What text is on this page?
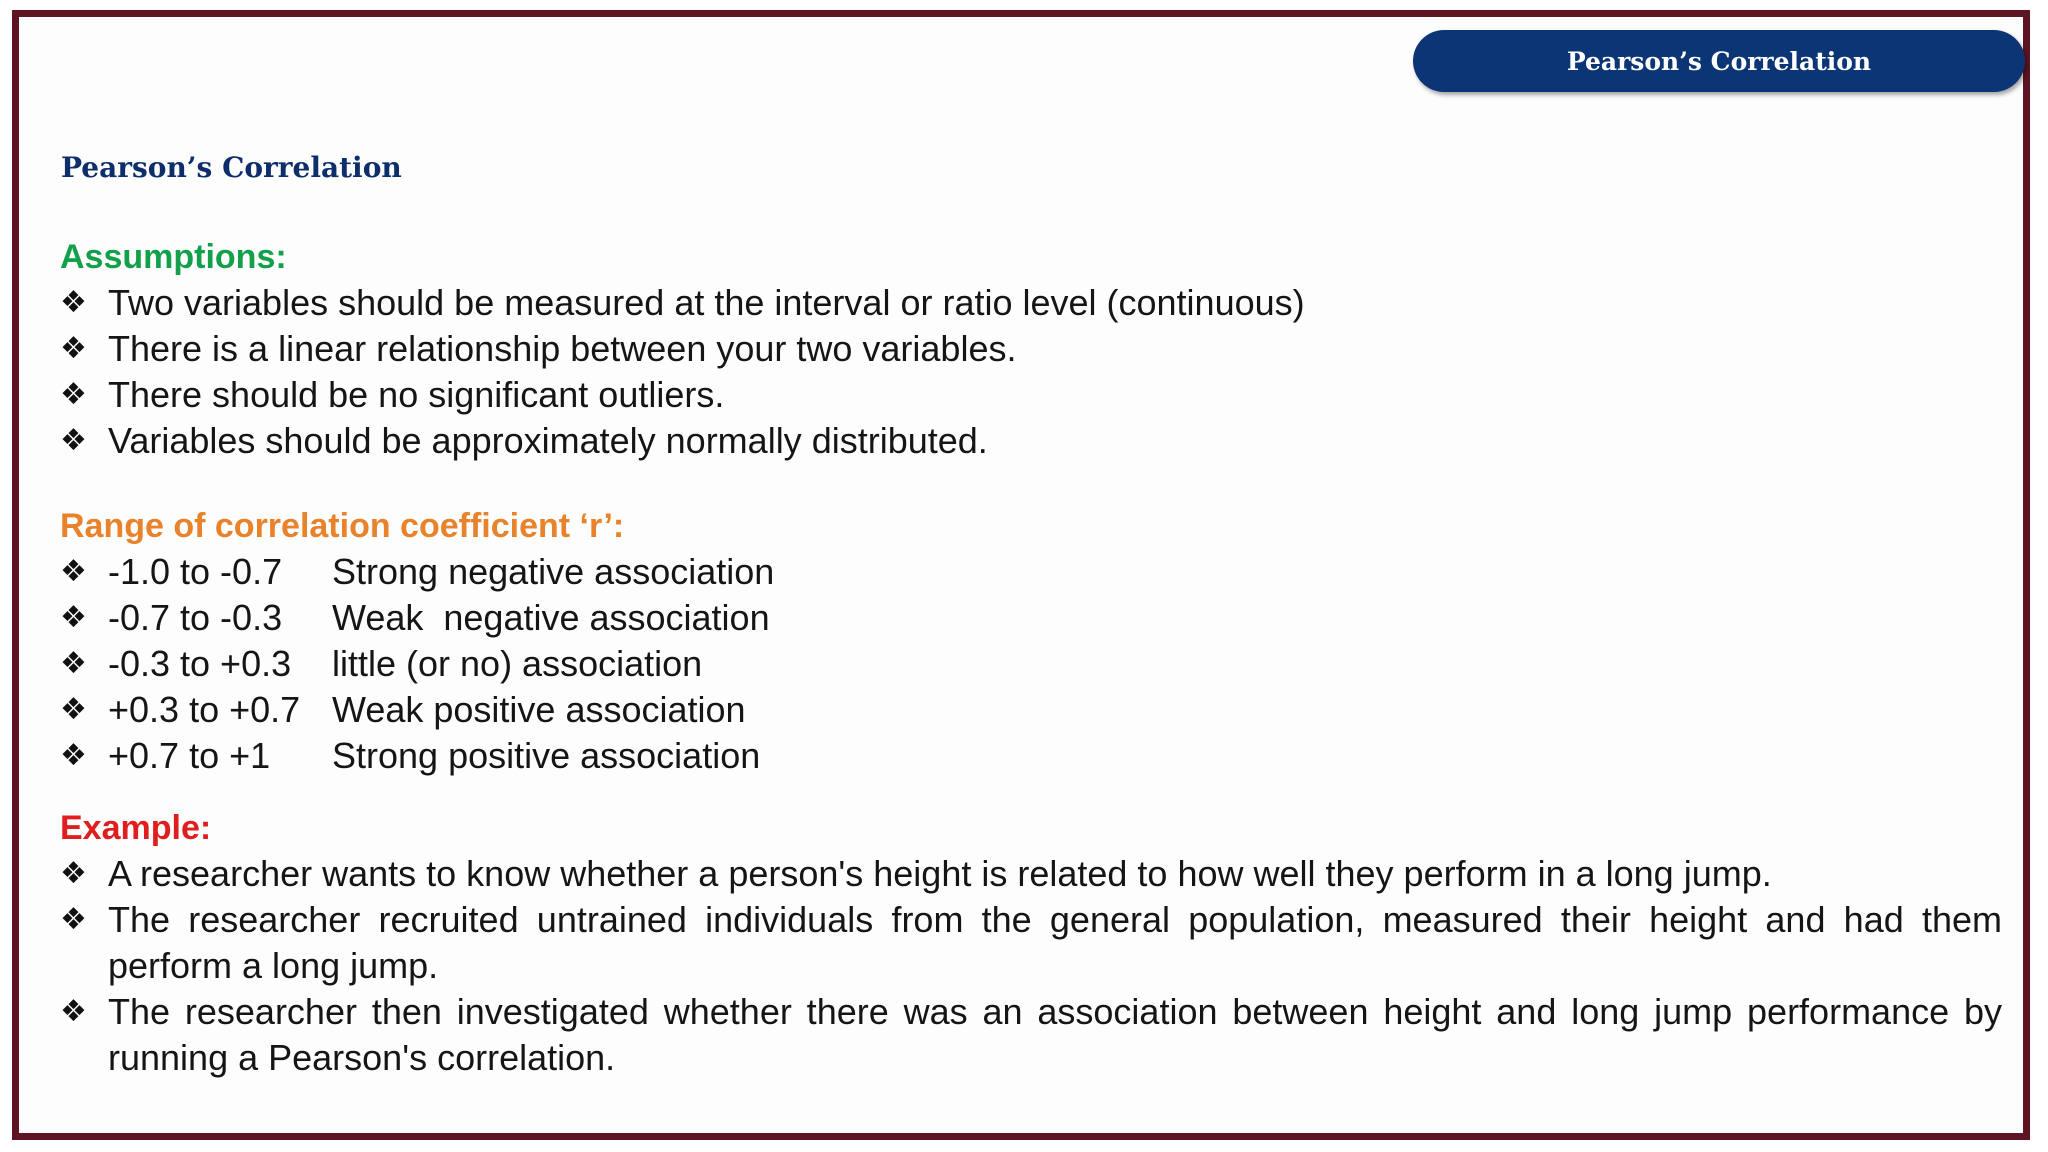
Pearson’s Correlation
Pearson’s Correlation
Assumptions:
❖ Two variables should be measured at the interval or ratio level (continuous)
❖ There is a linear relationship between your two variables.
❖ There should be no significant outliers.
❖ Variables should be approximately normally distributed.
Range of correlation coefficient ‘r’:
❖ -1.0 to -0.7 Strong negative association
❖ -0.7 to -0.3 Weak  negative association
❖ -0.3 to +0.3 little (or no) association
❖ +0.3 to +0.7 Weak positive association
❖ +0.7 to +1 Strong positive association
Example:
❖ A researcher wants to know whether a person's height is related to how well they perform in a long jump.
❖ The researcher recruited untrained individuals from the general population, measured their height and had them perform a long jump.
❖ The researcher then investigated whether there was an association between height and long jump performance by running a Pearson's correlation.
